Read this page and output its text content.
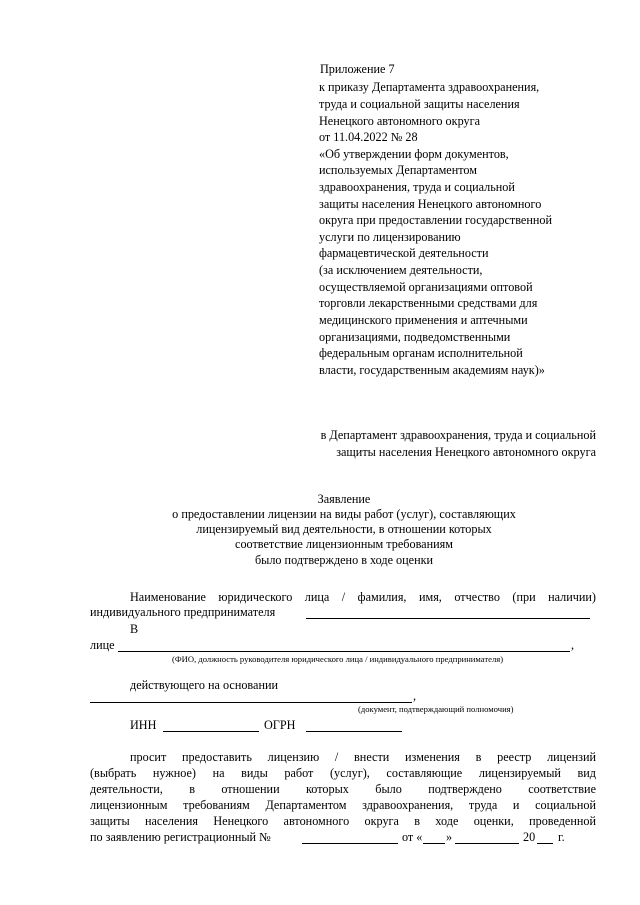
Приложение 7
к приказу Департамента здравоохранения,
труда и социальной защиты населения
Ненецкого автономного округа
от 11.04.2022 № 28
«Об утверждении форм документов,
используемых Департаментом
здравоохранения, труда и социальной
защиты населения Ненецкого автономного
округа при предоставлении государственной
услуги по лицензированию
фармацевтической деятельности
(за исключением деятельности,
осуществляемой организациями оптовой
торговли лекарственными средствами для
медицинского применения и аптечными
организациями, подведомственными
федеральным органам исполнительной
власти, государственным академиям наук)»
в Департамент здравоохранения, труда и социальной
защиты населения Ненецкого автономного округа
Заявление
о предоставлении лицензии на виды работ (услуг), составляющих
лицензируемый вид деятельности, в отношении которых
соответствие лицензионным требованиям
было подтверждено в ходе оценки
Наименование юридического лица / фамилия, имя, отчество (при наличии)
индивидуального предпринимателя
В
лице	,
(ФИО, должность руководителя юридического лица / индивидуального предпринимателя)
действующего на основании
,
(документ, подтверждающий полномочия)
ИНН	ОГРН
просит предоставить лицензию / внести изменения в реестр лицензий
(выбрать нужное) на виды работ (услуг), составляющие лицензируемый вид
деятельности, в отношении которых было подтверждено соответствие
лицензионным требованиям Департаментом здравоохранения, труда и социальной
защиты населения Ненецкого автономного округа в ходе оценки, проведенной
по заявлению регистрационный №	от « »	20 г.
